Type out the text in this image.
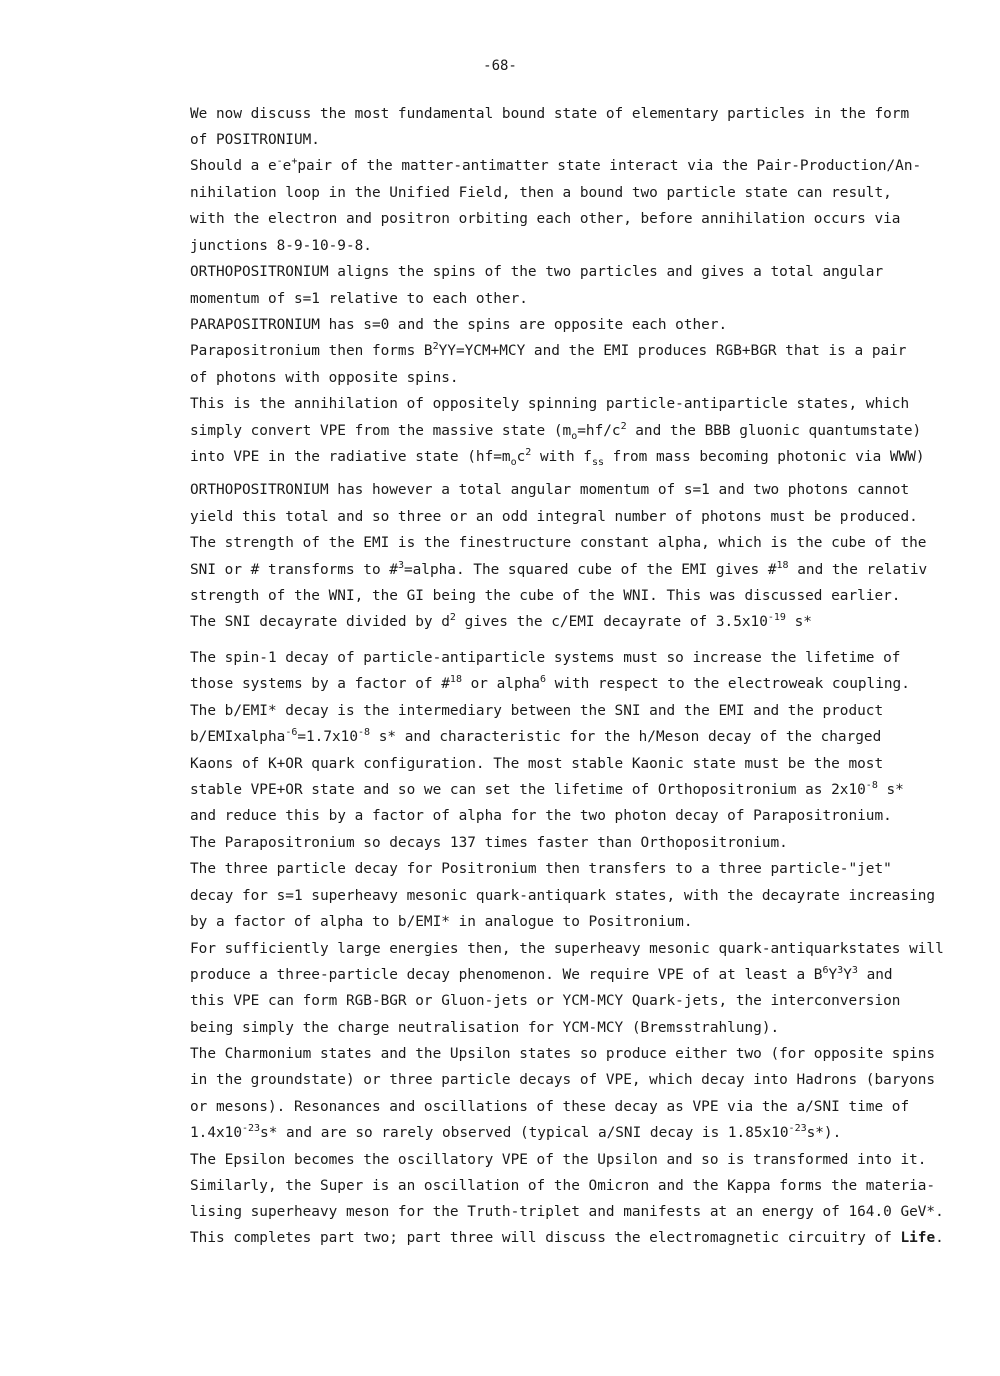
-68-
We now discuss the most fundamental bound state of elementary particles in the form
of POSITRONIUM.
Should a e-e+pair of the matter-antimatter state interact via the Pair-Production/An-
nihilation loop in the Unified Field, then a bound two particle state can result,
with the electron and positron orbiting each other, before annihilation occurs via
junctions 8-9-10-9-8.
ORTHOPOSITRONIUM aligns the spins of the two particles and gives a total angular
momentum of s=1 relative to each other.
PARAPOSITRONIUM has s=0 and the spins are opposite each other.
Parapositronium then forms $B^2YY=YCM+MCY$ and the EMI produces RGB+BGR that is a pair
of photons with opposite spins.
This is the annihilation of oppositely spinning particle-antiparticle states, which
simply convert VPE from the massive state ($m_o=hf/c^2$ and the BBB gluonic quantumstate)
into VPE in the radiative state ($hf=m_oc^2$ with $f_{ss}$ from mass becoming photonic via WWW)
ORTHOPOSITRONIUM has however a total angular momentum of s=1 and two photons cannot
yield this total and so three or an odd integral number of photons must be produced.
The strength of the EMI is the finestructure constant alpha, which is the cube of the
SNI or # transforms to #$^3$=alpha. The squared cube of the EMI gives #$^{18}$ and the relativ
strength of the WNI, the GI being the cube of the WNI. This was discussed earlier.
The SNI decayrate divided by $d^2$ gives the c/EMI decayrate of $3.5x10^{-19}$ s*
The spin-1 decay of particle-antiparticle systems must so increase the lifetime of
those systems by a factor of #$^{18}$ or alpha$^6$ with respect to the electroweak coupling.
The b/EMI* decay is the intermediary between the SNI and the EMI and the product
$b/EMIxalpha^{-6}=1.7x10^{-8}$ s* and characteristic for the h/Meson decay of the charged
Kaons of K+OR quark configuration. The most stable Kaonic state must be the most
stable VPE+OR state and so we can set the lifetime of Orthopositronium as $2x10^{-8}$ s*
and reduce this by a factor of alpha for the two photon decay of Parapositronium.
The Parapositronium so decays 137 times faster than Orthopositronium.
The three particle decay for Positronium then transfers to a three particle-"jet"
decay for s=1 superheavy mesonic quark-antiquark states, with the decayrate increasing
by a factor of alpha to b/EMI* in analogue to Positronium.
For sufficiently large energies then, the superheavy mesonic quark-antiquarkstates will
produce a three-particle decay phenomenon. We require VPE of at least a $B^6Y^3Y^3$ and
this VPE can form RGB-BGR or Gluon-jets or YCM-MCY Quark-jets, the interconversion
being simply the charge neutralisation for YCM-MCY (Bremsstrahlung).
The Charmonium states and the Upsilon states so produce either two (for opposite spins
in the groundstate) or three particle decays of VPE, which decay into Hadrons (baryons
or mesons). Resonances and oscillations of these decay as VPE via the a/SNI time of
$1.4x10^{-23}s*$ and are so rarely observed (typical a/SNI decay is $1.85x10^{-23}s*$).
The Epsilon becomes the oscillatory VPE of the Upsilon and so is transformed into it.
Similarly, the Super is an oscillation of the Omicron and the Kappa forms the materia-
lising superheavy meson for the Truth-triplet and manifests at an energy of 164.0 GeV*.
This completes part two; part three will discuss the electromagnetic circuitry of Life.
